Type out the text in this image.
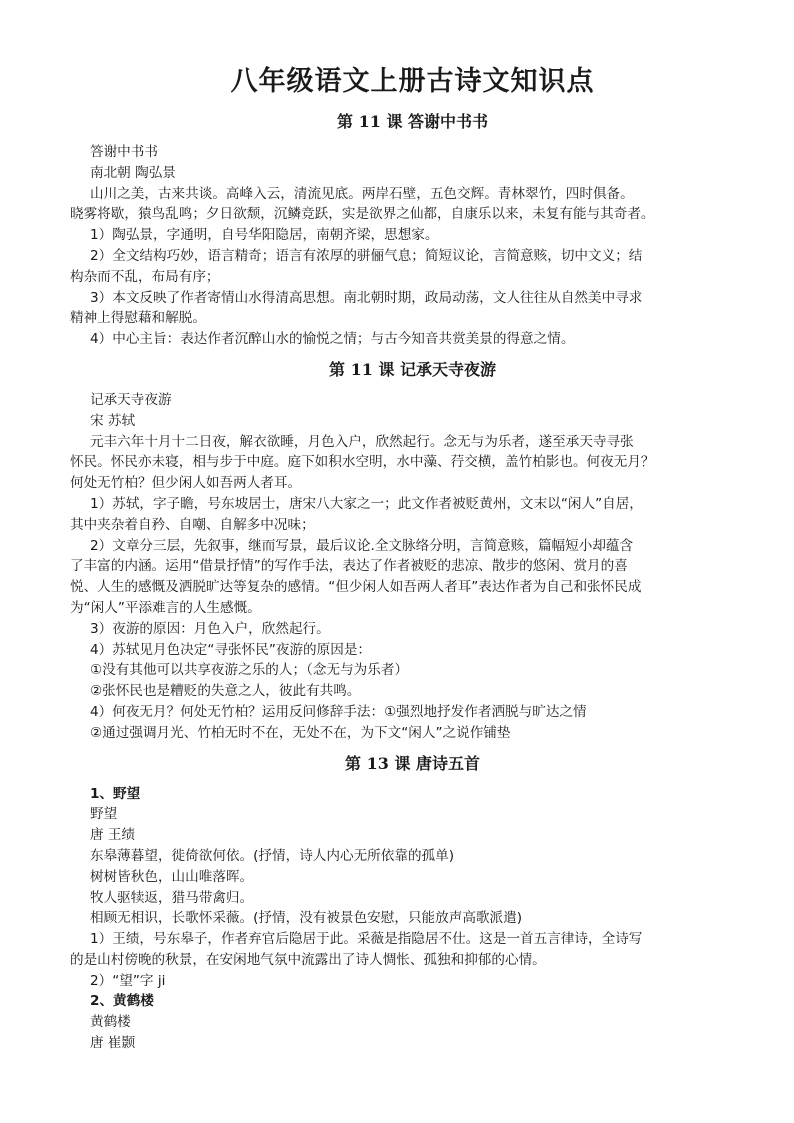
八年级语文上册古诗文知识点
第 11 课 答谢中书书

答谢中书书

南北朝 陶弘景

山川之美，古来共谈。高峰入云，清流见底。两岸石壁，五色交辉。青林翠竹，四时俱备。

晓雾将歇，猿鸟乱鸣；夕日欲颓，沉鳞竞跃，实是欲界之仙都，自康乐以来，未复有能与其奇者。

1）陶弘景，字通明，自号华阳隐居，南朝齐梁，思想家。

2）全文结构巧妙，语言精奇；语言有浓厚的骈俪气息；简短议论，言简意赅，切中文义；结

构杂而不乱，布局有序；

3）本文反映了作者寄情山水得清高思想。南北朝时期，政局动荡，文人往往从自然美中寻求

精神上得慰藉和解脱。

4）中心主旨：表达作者沉醉山水的愉悦之情；与古今知音共赏美景的得意之情。

第 11 课 记承天寺夜游

记承天寺夜游

宋 苏轼

元丰六年十月十二日夜，解衣欲睡，月色入户，欣然起行。念无与为乐者，遂至承天寺寻张

怀民。怀民亦未寝，相与步于中庭。庭下如积水空明，水中藻、荇交横，盖竹柏影也。何夜无月？

何处无竹柏？但少闲人如吾两人者耳。

1）苏轼，字子瞻，号东坡居士，唐宋八大家之一；此文作者被贬黄州，文末以“闲人”自居，

其中夹杂着自矜、自嘲、自解多中况味；

2）文章分三层，先叙事，继而写景，最后议论.全文脉络分明，言简意赅，篇幅短小却蕴含

了丰富的内涵。运用“借景抒情”的写作手法，表达了作者被贬的悲凉、散步的悠闲、赏月的喜

悦、人生的感慨及洒脱旷达等复杂的感情。“但少闲人如吾两人者耳”表达作者为自己和张怀民成

为“闲人”平添难言的人生感慨。

3）夜游的原因：月色入户，欣然起行。

4）苏轼见月色决定“寻张怀民”夜游的原因是：

①没有其他可以共享夜游之乐的人；（念无与为乐者）

②张怀民也是糟贬的失意之人，彼此有共鸣。

4）何夜无月？何处无竹柏？运用反问修辞手法：①强烈地抒发作者洒脱与旷达之情

②通过强调月光、竹柏无时不在，无处不在，为下文“闲人”之说作铺垫

第 13 课 唐诗五首

1、野望

野望

唐 王绩

东皋薄暮望，徙倚欲何依。(抒情，诗人内心无所依靠的孤单)

树树皆秋色，山山唯落晖。

牧人驱犊返，猎马带禽归。

相顾无相识，长歌怀采薇。(抒情，没有被景色安慰，只能放声高歌派遣)

1）王绩，号东皋子，作者弃官后隐居于此。采薇是指隐居不仕。这是一首五言律诗，全诗写

的是山村傍晚的秋景，在安闲地气氛中流露出了诗人惆怅、孤独和抑郁的心情。

2）“望”字 ji

2、黄鹤楼

黄鹤楼

唐 崔颢
